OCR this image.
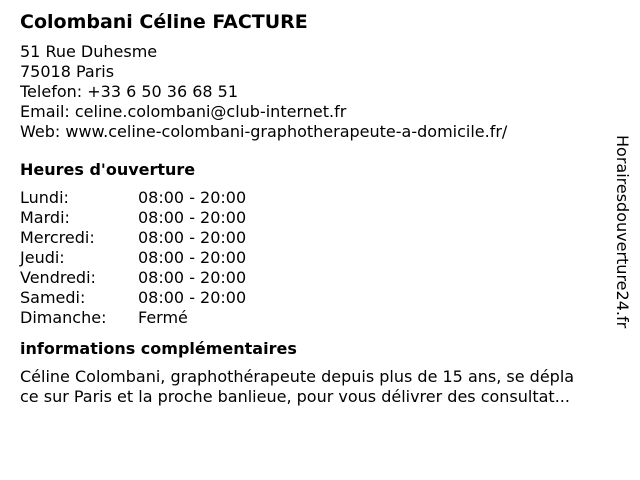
Colombani Céline FACTURE
51 Rue Duhesme
75018 Paris
Telefon: +33 6 50 36 68 51
Email: celine.colombani@club-internet.fr
Web: www.celine-colombani-graphotherapeute-a-domicile.fr/
Heures d'ouverture
Lundi:	08:00 - 20:00
Mardi:	08:00 - 20:00
Mercredi:	08:00 - 20:00
Jeudi:	08:00 - 20:00
Vendredi:	08:00 - 20:00
Samedi:	08:00 - 20:00
Dimanche:	Fermé
informations complémentaires
Céline Colombani, graphothérapeute depuis plus de 15 ans, se dépla
ce sur Paris et la proche banlieue, pour vous délivrer des consultat...
Horairesdouverture24.fr
